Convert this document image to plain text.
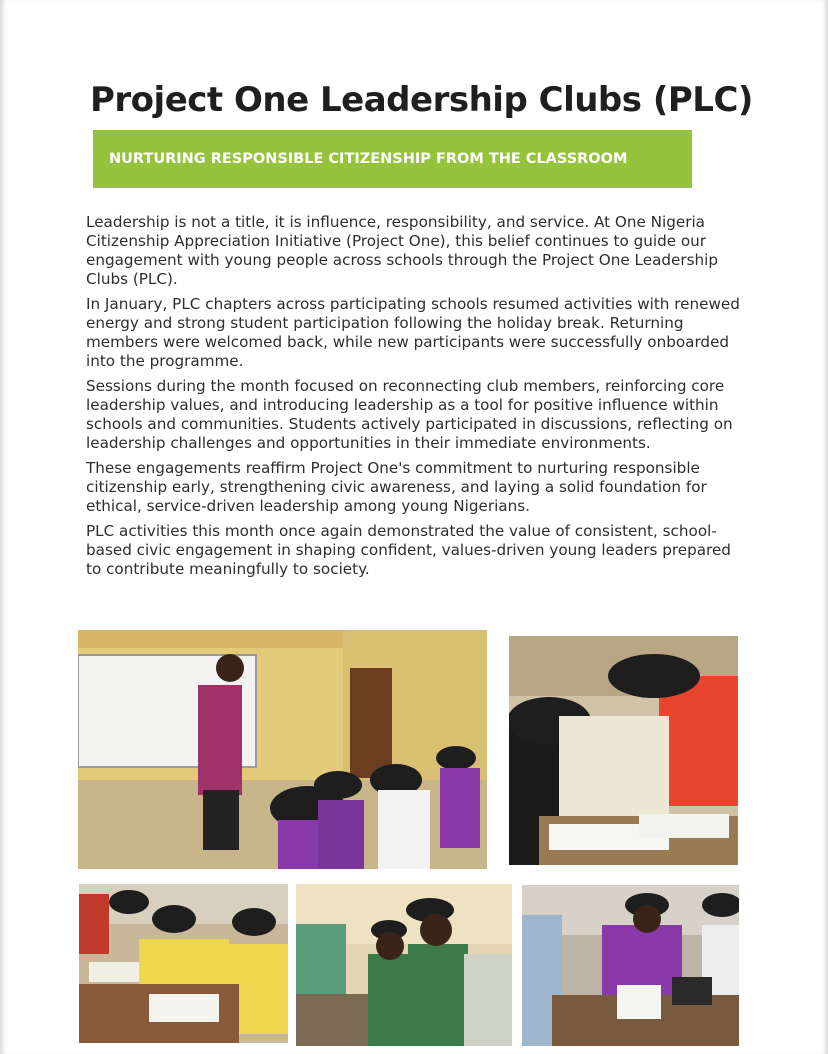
Project One Leadership Clubs (PLC)
NURTURING RESPONSIBLE CITIZENSHIP FROM THE CLASSROOM

Leadership is not a title, it is influence, responsibility, and service. At One Nigeria Citizenship Appreciation Initiative (Project One), this belief continues to guide our engagement with young people across schools through the Project One Leadership Clubs (PLC).

In January, PLC chapters across participating schools resumed activities with renewed energy and strong student participation following the holiday break. Returning members were welcomed back, while new participants were successfully onboarded into the programme.

Sessions during the month focused on reconnecting club members, reinforcing core leadership values, and introducing leadership as a tool for positive influence within schools and communities. Students actively participated in discussions, reflecting on leadership challenges and opportunities in their immediate environments.

These engagements reaffirm Project One's commitment to nurturing responsible citizenship early, strengthening civic awareness, and laying a solid foundation for ethical, service-driven leadership among young Nigerians.

PLC activities this month once again demonstrated the value of consistent, school-based civic engagement in shaping confident, values-driven young leaders prepared to contribute meaningfully to society.
